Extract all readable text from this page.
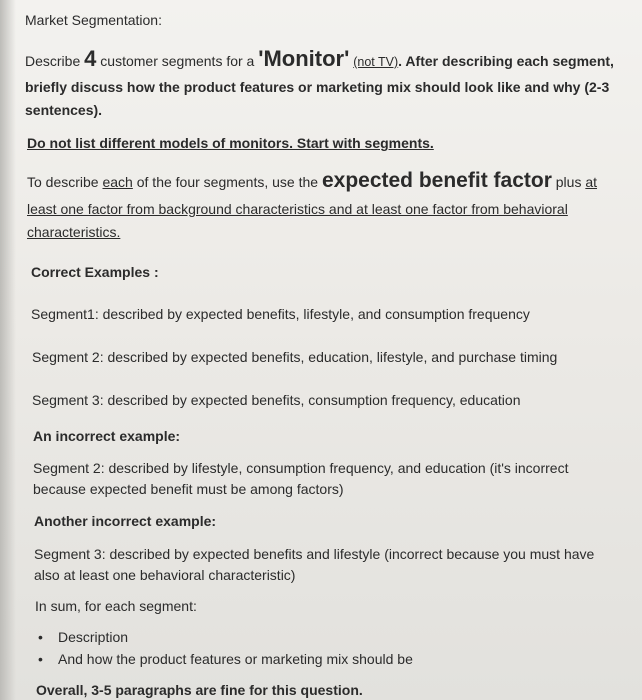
Market Segmentation:
Describe 4 customer segments for a 'Monitor' (not TV). After describing each segment,
briefly discuss how the product features or marketing mix should look like and why (2-3
sentences).
Do not list different models of monitors. Start with segments.
To describe each of the four segments, use the expected benefit factor plus at
least one factor from background characteristics and at least one factor from behavioral
characteristics.
Correct Examples :
Segment1: described by expected benefits, lifestyle, and consumption frequency
Segment 2: described by expected benefits, education, lifestyle, and purchase timing
Segment 3: described by expected benefits, consumption frequency, education
An incorrect example:
Segment 2: described by lifestyle, consumption frequency, and education (it's incorrect
because expected benefit must be among factors)
Another incorrect example:
Segment 3: described by expected benefits and lifestyle (incorrect because you must have
also at least one behavioral characteristic)
In sum, for each segment:
• Description
• And how the product features or marketing mix should be
Overall, 3-5 paragraphs are fine for this question.
